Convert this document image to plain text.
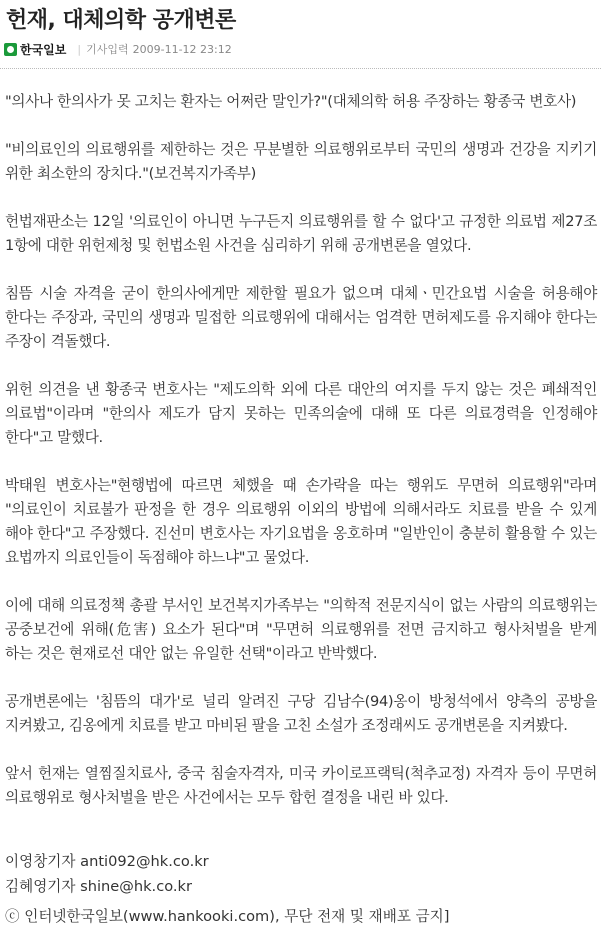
헌재, 대체의학 공개변론
한국일보 | 기사입력 2009-11-12 23:12

"의사나 한의사가 못 고치는 환자는 어쩌란 말인가?"(대체의학 허용 주장하는 황종국 변호사)

"비의료인의 의료행위를 제한하는 것은 무분별한 의료행위로부터 국민의 생명과 건강을 지키기 위한 최소한의 장치다."(보건복지가족부)

헌법재판소는 12일 '의료인이 아니면 누구든지 의료행위를 할 수 없다'고 규정한 의료법 제27조 1항에 대한 위헌제청 및 헌법소원 사건을 심리하기 위해 공개변론을 열었다.

침뜸 시술 자격을 굳이 한의사에게만 제한할 필요가 없으며 대체ㆍ민간요법 시술을 허용해야 한다는 주장과, 국민의 생명과 밀접한 의료행위에 대해서는 엄격한 면허제도를 유지해야 한다는 주장이 격돌했다.

위헌 의견을 낸 황종국 변호사는 "제도의학 외에 다른 대안의 여지를 두지 않는 것은 폐쇄적인 의료법"이라며 "한의사 제도가 담지 못하는 민족의술에 대해 또 다른 의료경력을 인정해야 한다"고 말했다.

박태원 변호사는"현행법에 따르면 체했을 때 손가락을 따는 행위도 무면허 의료행위"라며 "의료인이 치료불가 판정을 한 경우 의료행위 이외의 방법에 의해서라도 치료를 받을 수 있게 해야 한다"고 주장했다. 진선미 변호사는 자기요법을 옹호하며 "일반인이 충분히 활용할 수 있는 요법까지 의료인들이 독점해야 하느냐"고 물었다.

이에 대해 의료정책 총괄 부서인 보건복지가족부는 "의학적 전문지식이 없는 사람의 의료행위는 공중보건에 위해(危害) 요소가 된다"며 "무면허 의료행위를 전면 금지하고 형사처벌을 받게 하는 것은 현재로선 대안 없는 유일한 선택"이라고 반박했다.

공개변론에는 '침뜸의 대가'로 널리 알려진 구당 김남수(94)옹이 방청석에서 양측의 공방을 지켜봤고, 김옹에게 치료를 받고 마비된 팔을 고친 소설가 조정래씨도 공개변론을 지켜봤다.

앞서 헌재는 열찜질치료사, 중국 침술자격자, 미국 카이로프랙틱(척추교정) 자격자 등이 무면허 의료행위로 형사처벌을 받은 사건에서는 모두 합헌 결정을 내린 바 있다.

이영창기자 anti092@hk.co.kr
김혜영기자 shine@hk.co.kr
ⓒ 인터넷한국일보(www.hankooki.com), 무단 전재 및 재배포 금지]
